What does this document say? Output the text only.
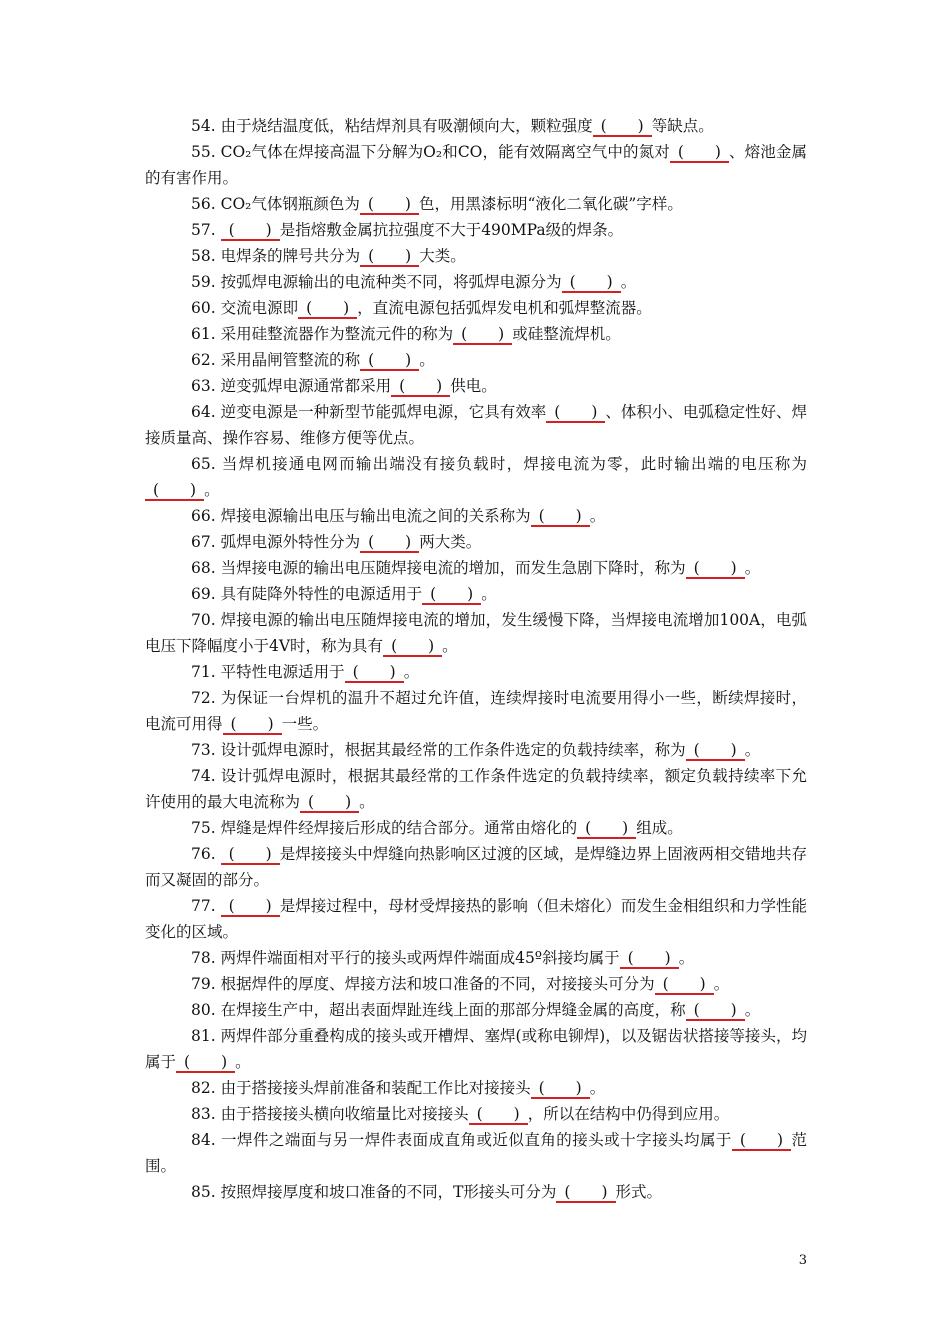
54. 由于烧结温度低，粘结焊剂具有吸潮倾向大，颗粒强度 (　　) 等缺点。

55. CO₂气体在焊接高温下分解为O₂和CO，能有效隔离空气中的氮对 (　　) 、熔池金属的有害作用。

56. CO₂气体钢瓶颜色为 (　　) 色，用黑漆标明“液化二氧化碳”字样。

57. (　　) 是指熔敷金属抗拉强度不大于490MPa级的焊条。

58. 电焊条的牌号共分为 (　　) 大类。

59. 按弧焊电源输出的电流种类不同，将弧焊电源分为 (　　) 。

60. 交流电源即 (　　) ，直流电源包括弧焊发电机和弧焊整流器。

61. 采用硅整流器作为整流元件的称为 (　　) 或硅整流焊机。

62. 采用晶闸管整流的称 (　　) 。

63. 逆变弧焊电源通常都采用 (　　) 供电。

64. 逆变电源是一种新型节能弧焊电源，它具有效率 (　　) 、体积小、电弧稳定性好、焊接质量高、操作容易、维修方便等优点。

65. 当焊机接通电网而输出端没有接负载时，焊接电流为零，此时输出端的电压称为(　　) 。

66. 焊接电源输出电压与输出电流之间的关系称为 (　　) 。

67. 弧焊电源外特性分为 (　　) 两大类。

68. 当焊接电源的输出电压随焊接电流的增加，而发生急剧下降时，称为 (　　) 。

69. 具有陡降外特性的电源适用于 (　　) 。

70. 焊接电源的输出电压随焊接电流的增加，发生缓慢下降，当焊接电流增加100A，电弧电压下降幅度小于4V时，称为具有 (　　) 。

71. 平特性电源适用于 (　　) 。

72. 为保证一台焊机的温升不超过允许值，连续焊接时电流要用得小一些，断续焊接时，电流可用得 (　　) 一些。

73. 设计弧焊电源时，根据其最经常的工作条件选定的负载持续率，称为 (　　) 。

74. 设计弧焊电源时，根据其最经常的工作条件选定的负载持续率，额定负载持续率下允许使用的最大电流称为 (　　) 。

75. 焊缝是焊件经焊接后形成的结合部分。通常由熔化的 (　　) 组成。

76. (　　) 是焊接接头中焊缝向热影响区过渡的区域，是焊缝边界上固液两相交错地共存而又凝固的部分。

77. (　　) 是焊接过程中，母材受焊接热的影响（但未熔化）而发生金相组织和力学性能变化的区域。

78. 两焊件端面相对平行的接头或两焊件端面成45º斜接均属于 (　　) 。

79. 根据焊件的厚度、焊接方法和坡口准备的不同，对接接头可分为 (　　) 。

80. 在焊接生产中，超出表面焊趾连线上面的那部分焊缝金属的高度，称 (　　) 。

81. 两焊件部分重叠构成的接头或开槽焊、塞焊(或称电铆焊)，以及锯齿状搭接等接头，均属于 (　　) 。

82. 由于搭接接头焊前准备和装配工作比对接接头 (　　) 。

83. 由于搭接接头横向收缩量比对接接头 (　　) ，所以在结构中仍得到应用。

84. 一焊件之端面与另一焊件表面成直角或近似直角的接头或十字接头均属于 (　　) 范围。

85. 按照焊接厚度和坡口准备的不同，T形接头可分为 (　　) 形式。

3
